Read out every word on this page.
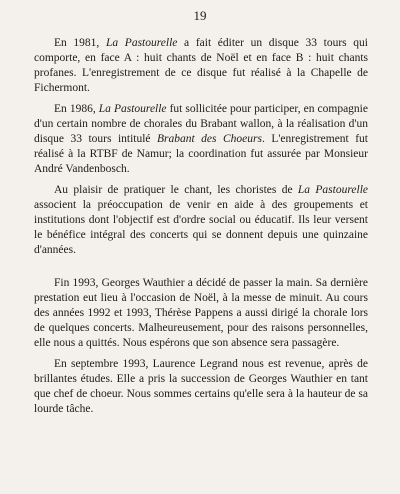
19

En 1981, La Pastourelle a fait éditer un disque 33 tours qui comporte, en face A : huit chants de Noël et en face B : huit chants profanes. L'enregistrement de ce disque fut réalisé à la Chapelle de Fichermont.

En 1986, La Pastourelle fut sollicitée pour participer, en compagnie d'un certain nombre de chorales du Brabant wallon, à la réalisation d'un disque 33 tours intitulé Brabant des Choeurs. L'enregistrement fut réalisé à la RTBF de Namur; la coordination fut assurée par Monsieur André Vandenbosch.

Au plaisir de pratiquer le chant, les choristes de La Pastourelle associent la préoccupation de venir en aide à des groupements et institutions dont l'objectif est d'ordre social ou éducatif. Ils leur versent le bénéfice intégral des concerts qui se donnent depuis une quinzaine d'années.

Fin 1993, Georges Wauthier a décidé de passer la main. Sa dernière prestation eut lieu à l'occasion de Noël, à la messe de minuit. Au cours des années 1992 et 1993, Thérèse Pappens a aussi dirigé la chorale lors de quelques concerts. Malheureusement, pour des raisons personnelles, elle nous a quittés. Nous espérons que son absence sera passagère.

En septembre 1993, Laurence Legrand nous est revenue, après de brillantes études. Elle a pris la succession de Georges Wauthier en tant que chef de choeur. Nous sommes certains qu'elle sera à la hauteur de sa lourde tâche.
